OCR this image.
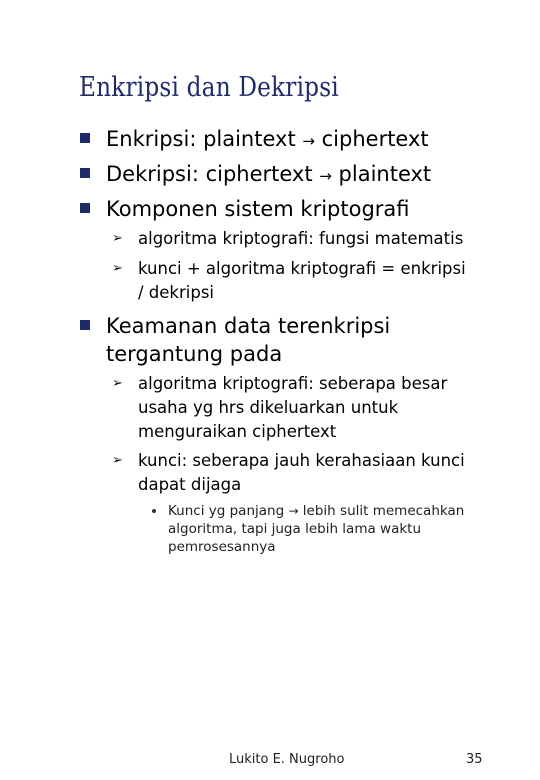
Enkripsi dan Dekripsi
Enkripsi: plaintext → ciphertext
Dekripsi: ciphertext → plaintext
Komponen sistem kriptografi
➢ algoritma kriptografi: fungsi matematis
➢ kunci + algoritma kriptografi = enkripsi
/ dekripsi
Keamanan data terenkripsi
tergantung pada
➢ algoritma kriptografi: seberapa besar
usaha yg hrs dikeluarkan untuk
menguraikan ciphertext
➢ kunci: seberapa jauh kerahasiaan kunci
dapat dijaga
Kunci yg panjang → lebih sulit memecahkan
algoritma, tapi juga lebih lama waktu
pemrosesannya
Lukito E. Nugroho	35
